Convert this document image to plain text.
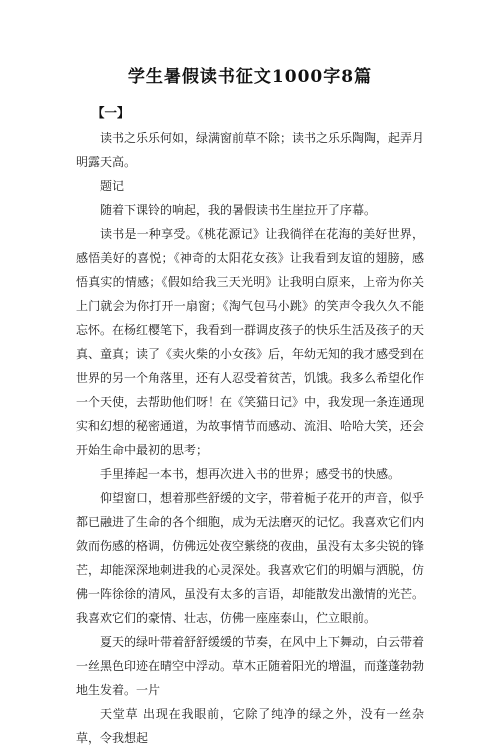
学生暑假读书征文1000字8篇
【一】

读书之乐乐何如，绿满窗前草不除；读书之乐乐陶陶，起弄月明露天高。

题记

随着下课铃的响起，我的暑假读书生崖拉开了序幕。

读书是一种享受。《桃花源记》让我徜徉在花海的美好世界，感悟美好的喜悦；《神奇的太阳花女孩》让我看到友谊的翅膀，感悟真实的情感；《假如给我三天光明》让我明白原来，上帝为你关上门就会为你打开一扇窗；《淘气包马小跳》的笑声令我久久不能忘怀。在杨红樱笔下，我看到一群调皮孩子的快乐生活及孩子的天真、童真；读了《卖火柴的小女孩》后，年幼无知的我才感受到在世界的另一个角落里，还有人忍受着贫苦，饥饿。我多么希望化作一个天使，去帮助他们呀！在《笑猫日记》中，我发现一条连通现实和幻想的秘密通道，为故事情节而感动、流泪、哈哈大笑，还会开始生命中最初的思考；

手里捧起一本书，想再次进入书的世界；感受书的快感。

仰望窗口，想着那些舒缓的文字，带着栀子花开的声音，似乎都已融进了生命的各个细胞，成为无法磨灭的记忆。我喜欢它们内敛而伤感的格调，仿佛远处夜空紫绕的夜曲，虽没有太多尖锐的锋芒，却能深深地刺进我的心灵深处。我喜欢它们的明媚与洒脱，仿佛一阵徐徐的清风，虽没有太多的言语，却能散发出激情的光芒。我喜欢它们的豪情、壮志，仿佛一座座泰山，伫立眼前。

夏天的绿叶带着舒舒缓缓的节奏，在风中上下舞动，白云带着一丝黑色印迹在晴空中浮动。草木正随着阳光的增温，而蓬蓬勃勃地生发着。一片

天堂草 出现在我眼前，它除了纯净的绿之外，没有一丝杂草，令我想起
